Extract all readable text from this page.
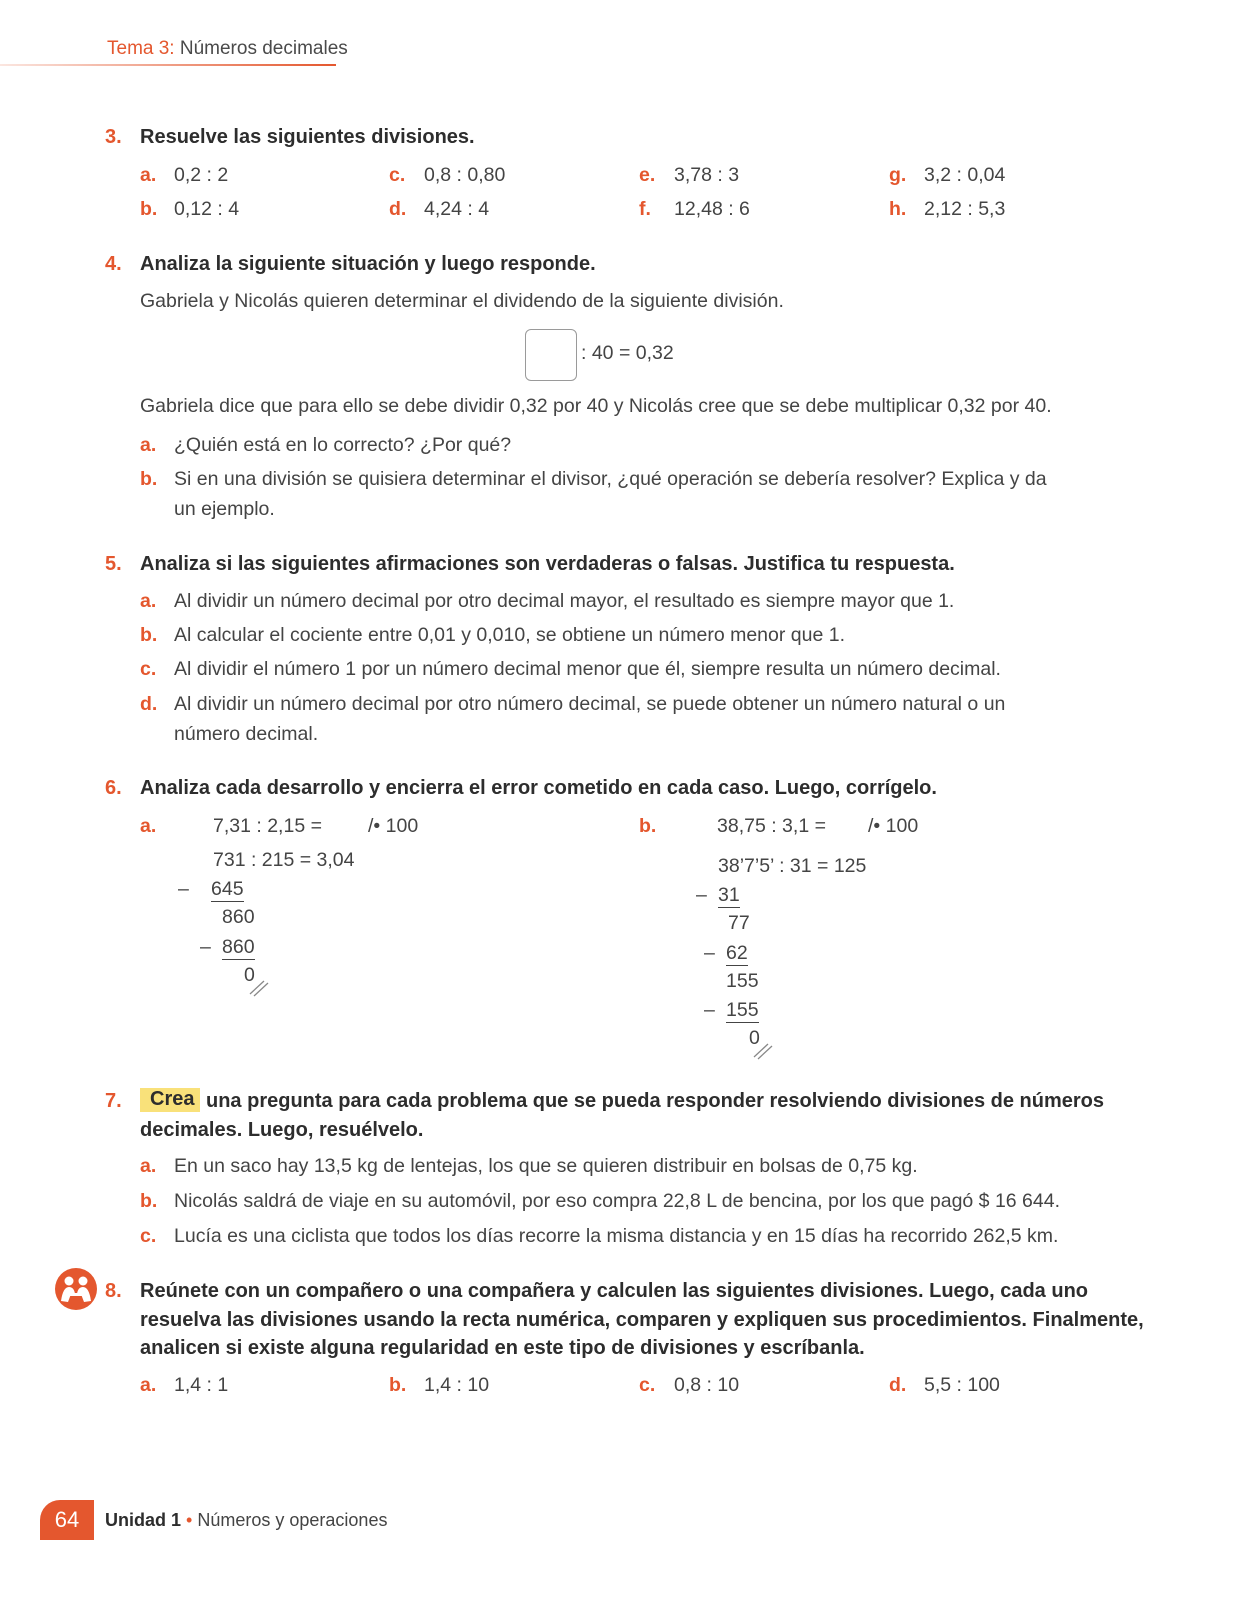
Tema 3: Números decimales
3. Resuelve las siguientes divisiones.
a. 0,2 : 2
b. 0,12 : 4
c. 0,8 : 0,80
d. 4,24 : 4
e. 3,78 : 3
f. 12,48 : 6
g. 3,2 : 0,04
h. 2,12 : 5,3
4. Analiza la siguiente situación y luego responde.
Gabriela y Nicolás quieren determinar el dividendo de la siguiente división.
: 40 = 0,32
Gabriela dice que para ello se debe dividir 0,32 por 40 y Nicolás cree que se debe multiplicar 0,32 por 40.
a. ¿Quién está en lo correcto? ¿Por qué?
b. Si en una división se quisiera determinar el divisor, ¿qué operación se debería resolver? Explica y da
un ejemplo.
5. Analiza si las siguientes afirmaciones son verdaderas o falsas. Justifica tu respuesta.
a. Al dividir un número decimal por otro decimal mayor, el resultado es siempre mayor que 1.
b. Al calcular el cociente entre 0,01 y 0,010, se obtiene un número menor que 1.
c. Al dividir el número 1 por un número decimal menor que él, siempre resulta un número decimal.
d. Al dividir un número decimal por otro número decimal, se puede obtener un número natural o un
número decimal.
6. Analiza cada desarrollo y encierra el error cometido en cada caso. Luego, corrígelo.
a.	7,31 : 2,15 = /• 100
731 : 215 = 3,04
– 645
860
– 860
0
b.	38,75 : 3,1 = /• 100
38’7’5’ : 31 = 125
– 31
77
– 62
155
– 155
0
7.	Crea una pregunta para cada problema que se pueda responder resolviendo divisiones de números
decimales. Luego, resuélvelo.
a. En un saco hay 13,5 kg de lentejas, los que se quieren distribuir en bolsas de 0,75 kg.
b. Nicolás saldrá de viaje en su automóvil, por eso compra 22,8 L de bencina, por los que pagó $ 16 644.
c. Lucía es una ciclista que todos los días recorre la misma distancia y en 15 días ha recorrido 262,5 km.
8. Reúnete con un compañero o una compañera y calculen las siguientes divisiones. Luego, cada uno
resuelva las divisiones usando la recta numérica, comparen y expliquen sus procedimientos. Finalmente,
analicen si existe alguna regularidad en este tipo de divisiones y escríbanla.
a. 1,4 : 1	b. 1,4 : 10	c. 0,8 : 10	d. 5,5 : 100
64	Unidad 1 • Números y operaciones
